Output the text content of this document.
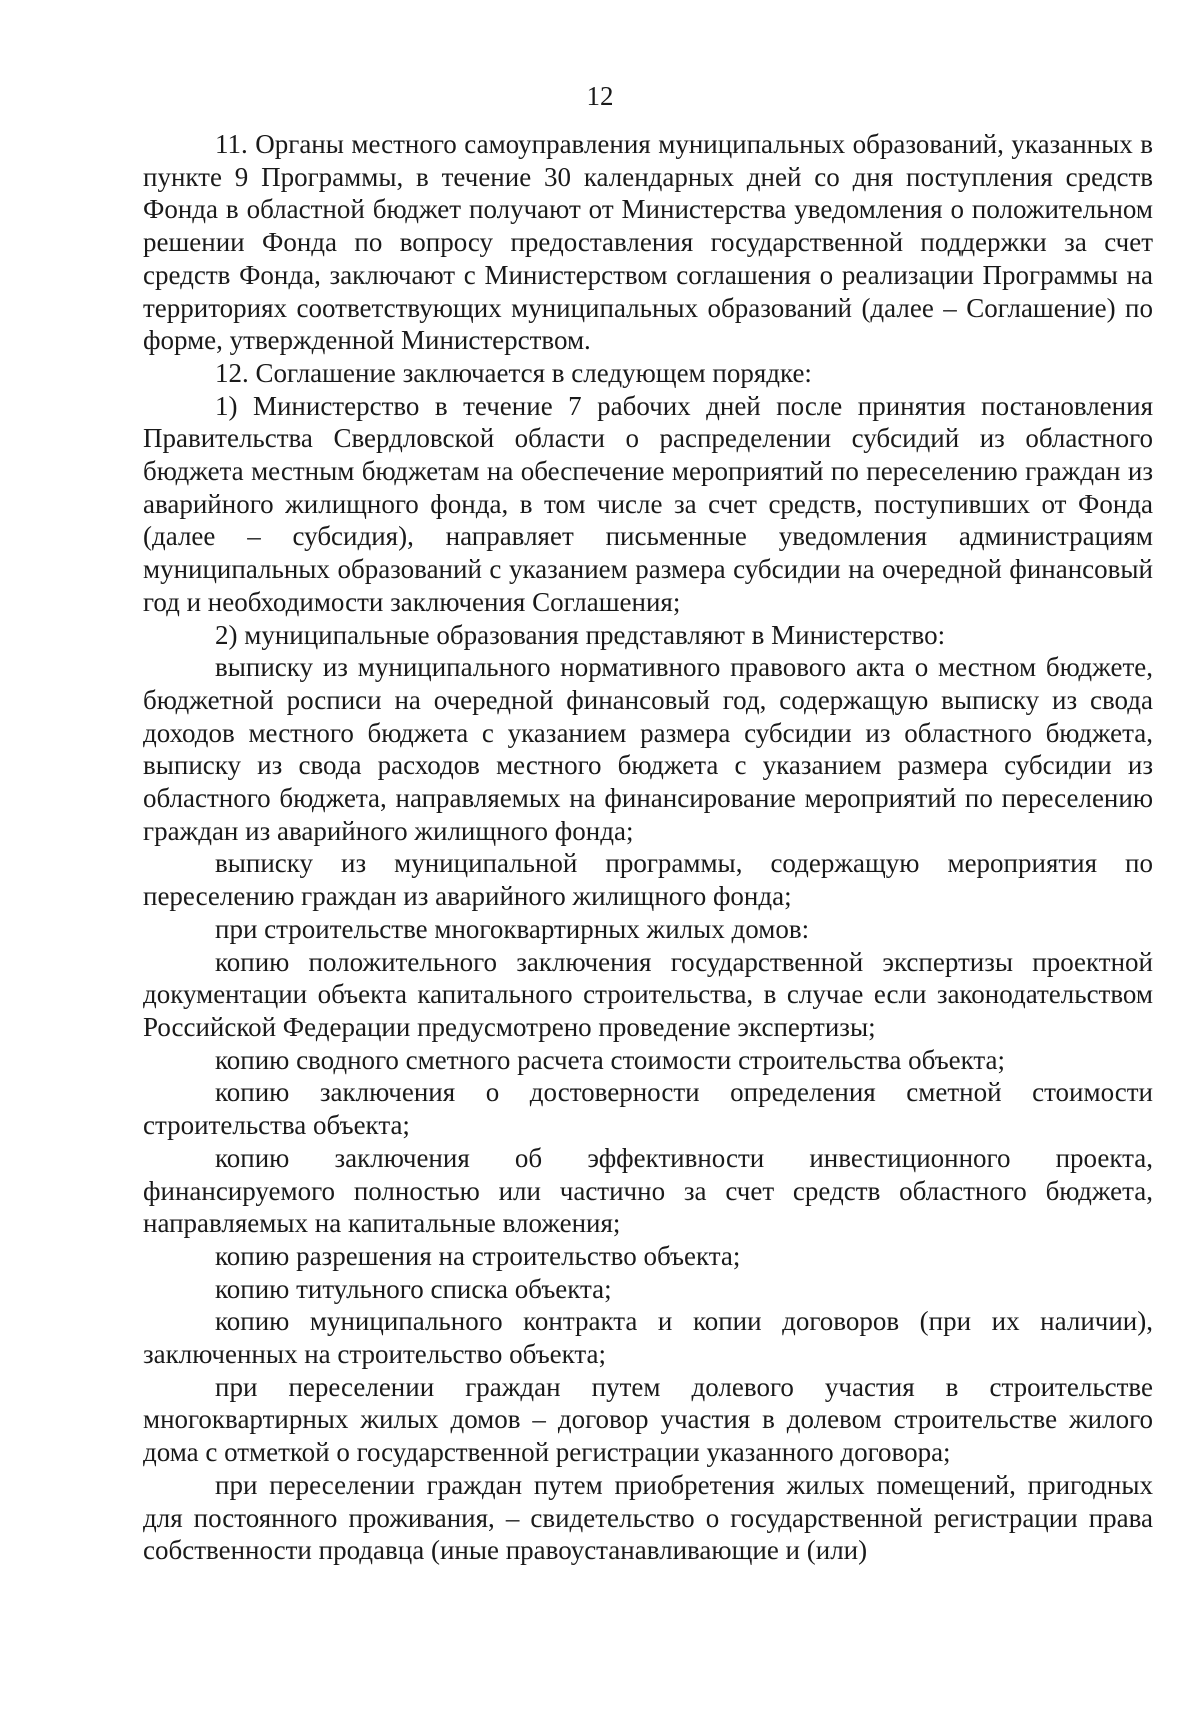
12

11. Органы местного самоуправления муниципальных образований, указанных в пункте 9 Программы, в течение 30 календарных дней со дня поступления средств Фонда в областной бюджет получают от Министерства уведомления о положительном решении Фонда по вопросу предоставления государственной поддержки за счет средств Фонда, заключают с Министерством соглашения о реализации Программы на территориях соответствующих муниципальных образований (далее – Соглашение) по форме, утвержденной Министерством.

12. Соглашение заключается в следующем порядке:

1) Министерство в течение 7 рабочих дней после принятия постановления Правительства Свердловской области о распределении субсидий из областного бюджета местным бюджетам на обеспечение мероприятий по переселению граждан из аварийного жилищного фонда, в том числе за счет средств, поступивших от Фонда (далее – субсидия), направляет письменные уведомления администрациям муниципальных образований с указанием размера субсидии на очередной финансовый год и необходимости заключения Соглашения;

2) муниципальные образования представляют в Министерство:

выписку из муниципального нормативного правового акта о местном бюджете, бюджетной росписи на очередной финансовый год, содержащую выписку из свода доходов местного бюджета с указанием размера субсидии из областного бюджета, выписку из свода расходов местного бюджета с указанием размера субсидии из областного бюджета, направляемых на финансирование мероприятий по переселению граждан из аварийного жилищного фонда;

выписку из муниципальной программы, содержащую мероприятия по переселению граждан из аварийного жилищного фонда;

при строительстве многоквартирных жилых домов:

копию положительного заключения государственной экспертизы проектной документации объекта капитального строительства, в случае если законодательством Российской Федерации предусмотрено проведение экспертизы;

копию сводного сметного расчета стоимости строительства объекта;

копию заключения о достоверности определения сметной стоимости строительства объекта;

копию заключения об эффективности инвестиционного проекта, финансируемого полностью или частично за счет средств областного бюджета, направляемых на капитальные вложения;

копию разрешения на строительство объекта;

копию титульного списка объекта;

копию муниципального контракта и копии договоров (при их наличии), заключенных на строительство объекта;

при переселении граждан путем долевого участия в строительстве многоквартирных жилых домов – договор участия в долевом строительстве жилого дома с отметкой о государственной регистрации указанного договора;

при переселении граждан путем приобретения жилых помещений, пригодных для постоянного проживания, – свидетельство о государственной регистрации права собственности продавца (иные правоустанавливающие и (или)
